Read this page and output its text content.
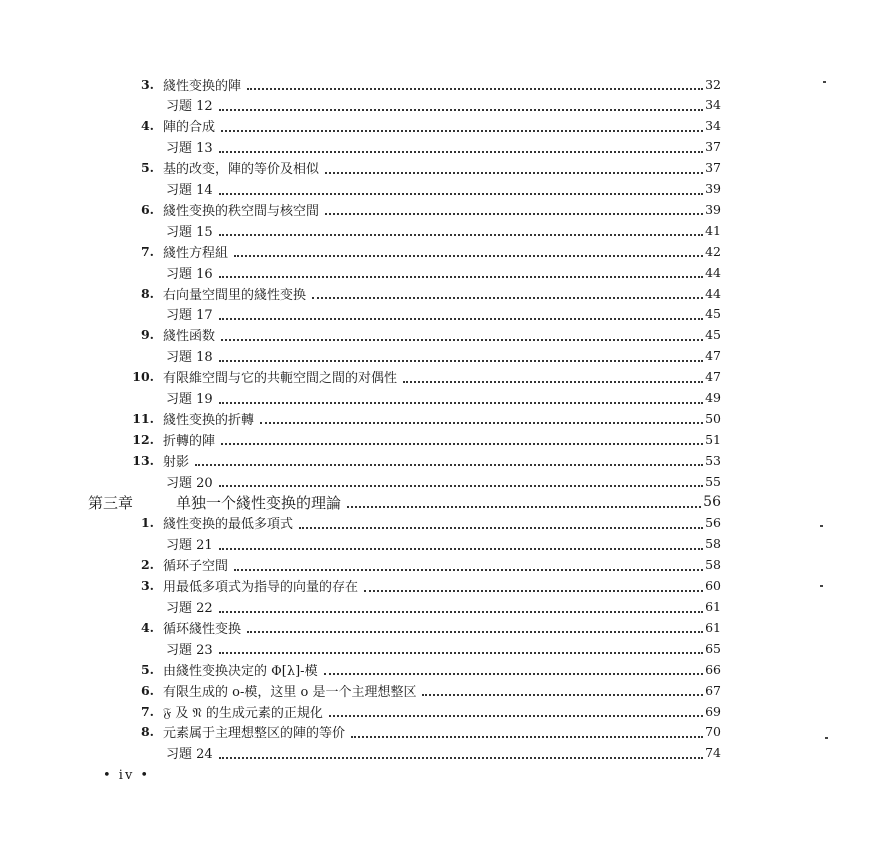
3. 綫性变换的陣	32
习题 12	34
4. 陣的合成	34
习題 13	37
5. 基的改变，陣的等价及相似	37
习題 14	39
6. 綫性变换的秩空間与核空間	39
习題 15	41
7. 綫性方程組	42
习題 16	44
8. 右向量空間里的綫性变换	44
习題 17	45
9. 綫性函数	45
习題 18	47
10. 有限維空間与它的共軛空間之間的对偶性	47
习題 19	49
11. 綫性变换的折轉	50
12. 折轉的陣	51
13. 射影	53
习題 20	55
第三章	单独一个綫性变换的理論	56
1. 綫性变换的最低多項式	56
习題 21	58
2. 循环子空間	58
3. 用最低多項式为指导的向量的存在	60
习題 22	61
4. 循环綫性变换	61
习題 23	65
5. 由綫性变换决定的 Φ[λ]-模	66
6. 有限生成的 o-模，这里 o 是一个主理想整区	67
7. 𝔉 及 𝔑 的生成元素的正規化	69
8. 元素属于主理想整区的陣的等价	70
习題 24	74
• iv •
